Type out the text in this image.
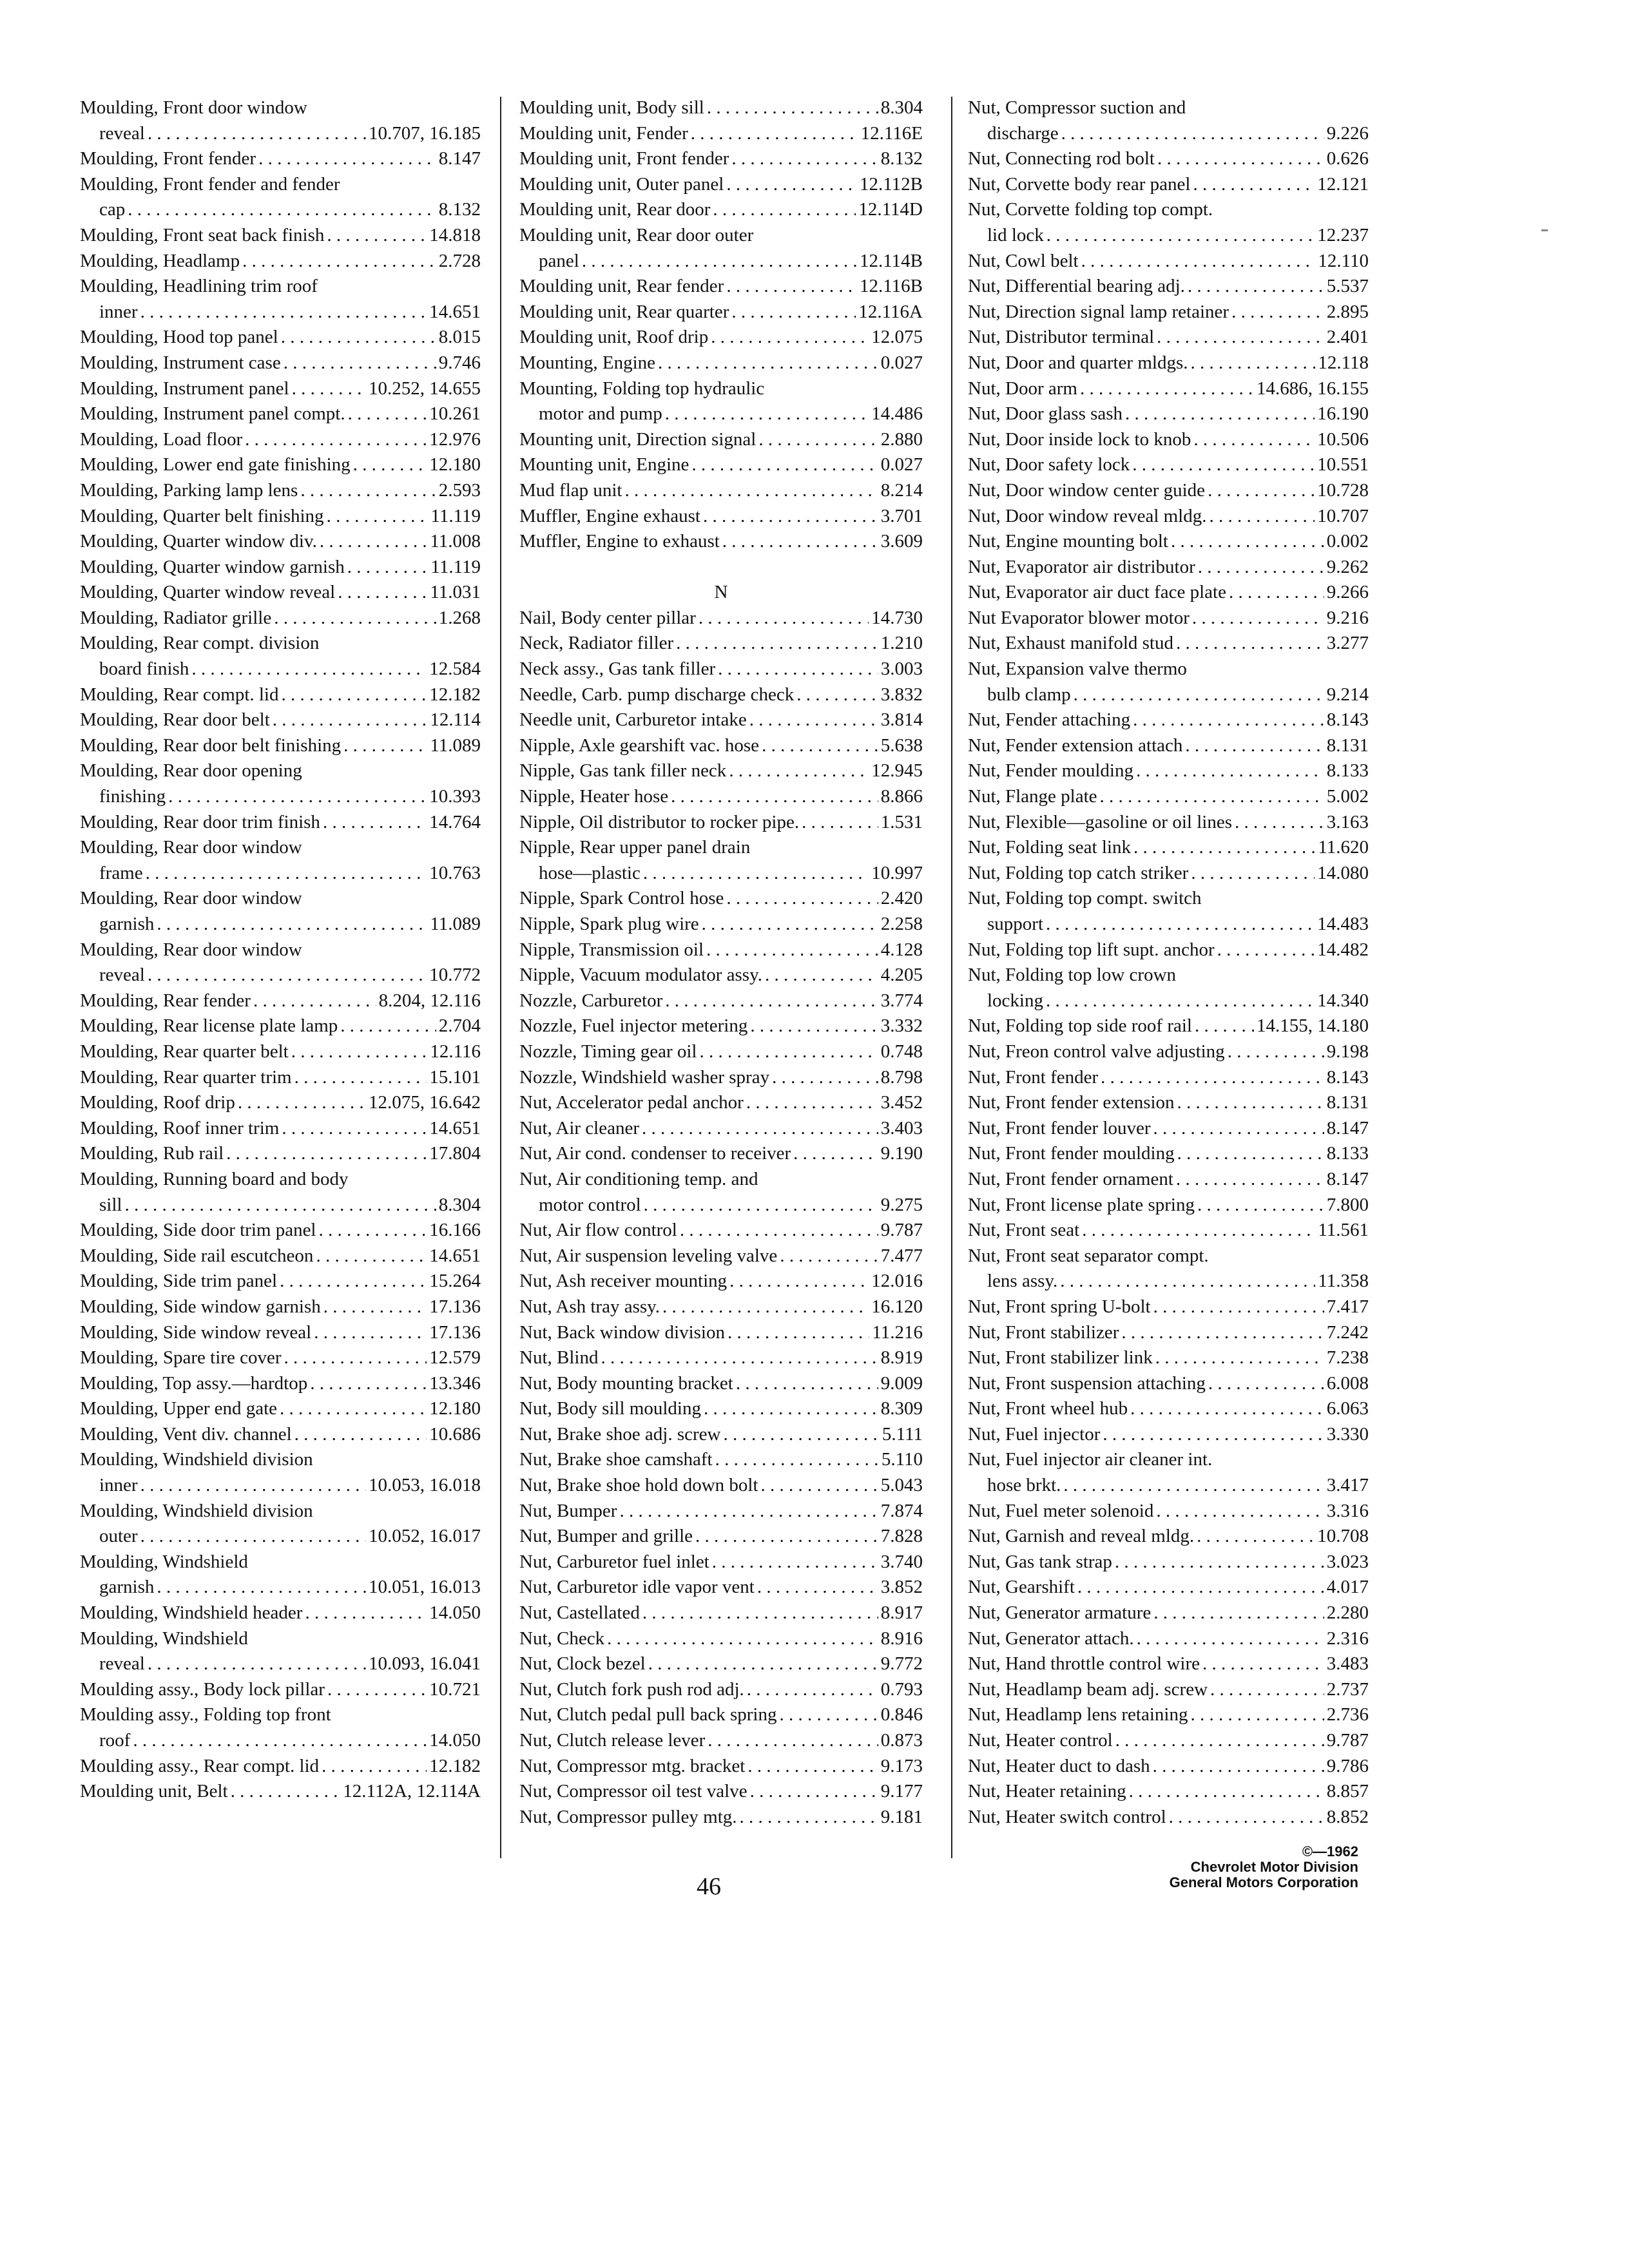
Moulding, Front door window
reveal . . .	10.707, 16.185
Moulding, Front fender . . .	8.147
Moulding, Front fender and fender
cap . . .	8.132
Moulding, Front seat back finish . . .	14.818
Moulding, Headlamp . . .	2.728
Moulding, Headlining trim roof
inner . . .	14.651
Moulding, Hood top panel . . .	8.015
Moulding, Instrument case . . .	9.746
Moulding, Instrument panel . . .	10.252, 14.655
Moulding, Instrument panel compt. . . .	10.261
Moulding, Load floor . . .	12.976
Moulding, Lower end gate finishing . . .	12.180
Moulding, Parking lamp lens . . .	2.593
Moulding, Quarter belt finishing . . .	11.119
Moulding, Quarter window div. . . .	11.008
Moulding, Quarter window garnish . . .	11.119
Moulding, Quarter window reveal . . .	11.031
Moulding, Radiator grille . . .	1.268
Moulding, Rear compt. division
board finish . . .	12.584
Moulding, Rear compt. lid . . .	12.182
Moulding, Rear door belt . . .	12.114
Moulding, Rear door belt finishing . . .	11.089
Moulding, Rear door opening
finishing . . .	10.393
Moulding, Rear door trim finish . . .	14.764
Moulding, Rear door window
frame . . .	10.763
Moulding, Rear door window
garnish . . .	11.089
Moulding, Rear door window
reveal . . .	10.772
Moulding, Rear fender . . .	8.204, 12.116
Moulding, Rear license plate lamp . . .	2.704
Moulding, Rear quarter belt . . .	12.116
Moulding, Rear quarter trim . . .	15.101
Moulding, Roof drip . . .	12.075, 16.642
Moulding, Roof inner trim . . .	14.651
Moulding, Rub rail . . .	17.804
Moulding, Running board and body
sill . . .	8.304
Moulding, Side door trim panel . . .	16.166
Moulding, Side rail escutcheon . . .	14.651
Moulding, Side trim panel . . .	15.264
Moulding, Side window garnish . . .	17.136
Moulding, Side window reveal . . .	17.136
Moulding, Spare tire cover . . .	12.579
Moulding, Top assy.—hardtop . . .	13.346
Moulding, Upper end gate . . .	12.180
Moulding, Vent div. channel . . .	10.686
Moulding, Windshield division
inner . . .	10.053, 16.018
Moulding, Windshield division
outer . . .	10.052, 16.017
Moulding, Windshield
garnish . . .	10.051, 16.013
Moulding, Windshield header . . .	14.050
Moulding, Windshield
reveal . . .	10.093, 16.041
Moulding assy., Body lock pillar . . .	10.721
Moulding assy., Folding top front
roof . . .	14.050
Moulding assy., Rear compt. lid . . .	12.182
Moulding unit, Belt . . .	12.112A, 12.114A
Moulding unit, Body sill . . .	8.304
Moulding unit, Fender . . .	12.116E
Moulding unit, Front fender . . .	8.132
Moulding unit, Outer panel . . .	12.112B
Moulding unit, Rear door . . .	12.114D
Moulding unit, Rear door outer
panel . . .	12.114B
Moulding unit, Rear fender . . .	12.116B
Moulding unit, Rear quarter . . .	12.116A
Moulding unit, Roof drip . . .	12.075
Mounting, Engine . . .	0.027
Mounting, Folding top hydraulic
motor and pump . . .	14.486
Mounting unit, Direction signal . . .	2.880
Mounting unit, Engine . . .	0.027
Mud flap unit . . .	8.214
Muffler, Engine exhaust . . .	3.701
Muffler, Engine to exhaust . . .	3.609
N
Nail, Body center pillar . . .	14.730
Neck, Radiator filler . . .	1.210
Neck assy., Gas tank filler . . .	3.003
Needle, Carb. pump discharge check . . .	3.832
Needle unit, Carburetor intake . . .	3.814
Nipple, Axle gearshift vac. hose . . .	5.638
Nipple, Gas tank filler neck . . .	12.945
Nipple, Heater hose . . .	8.866
Nipple, Oil distributor to rocker pipe. . . .	1.531
Nipple, Rear upper panel drain
hose—plastic . . .	10.997
Nipple, Spark Control hose . . .	2.420
Nipple, Spark plug wire . . .	2.258
Nipple, Transmission oil . . .	4.128
Nipple, Vacuum modulator assy. . . .	4.205
Nozzle, Carburetor . . .	3.774
Nozzle, Fuel injector metering . . .	3.332
Nozzle, Timing gear oil . . .	0.748
Nozzle, Windshield washer spray . . .	8.798
Nut, Accelerator pedal anchor . . .	3.452
Nut, Air cleaner . . .	3.403
Nut, Air cond. condenser to receiver . . .	9.190
Nut, Air conditioning temp. and
motor control . . .	9.275
Nut, Air flow control . . .	9.787
Nut, Air suspension leveling valve . . .	7.477
Nut, Ash receiver mounting . . .	12.016
Nut, Ash tray assy. . . .	16.120
Nut, Back window division . . .	11.216
Nut, Blind . . .	8.919
Nut, Body mounting bracket . . .	9.009
Nut, Body sill moulding . . .	8.309
Nut, Brake shoe adj. screw . . .	5.111
Nut, Brake shoe camshaft . . .	5.110
Nut, Brake shoe hold down bolt . . .	5.043
Nut, Bumper . . .	7.874
Nut, Bumper and grille . . .	7.828
Nut, Carburetor fuel inlet . . .	3.740
Nut, Carburetor idle vapor vent . . .	3.852
Nut, Castellated . . .	8.917
Nut, Check . . .	8.916
Nut, Clock bezel . . .	9.772
Nut, Clutch fork push rod adj. . . .	0.793
Nut, Clutch pedal pull back spring . . .	0.846
Nut, Clutch release lever . . .	0.873
Nut, Compressor mtg. bracket . . .	9.173
Nut, Compressor oil test valve . . .	9.177
Nut, Compressor pulley mtg. . . .	9.181
Nut, Compressor suction and
discharge . . .	9.226
Nut, Connecting rod bolt . . .	0.626
Nut, Corvette body rear panel . . .	12.121
Nut, Corvette folding top compt.
lid lock . . .	12.237
Nut, Cowl belt . . .	12.110
Nut, Differential bearing adj. . . .	5.537
Nut, Direction signal lamp retainer . . .	2.895
Nut, Distributor terminal . . .	2.401
Nut, Door and quarter mldgs. . . .	12.118
Nut, Door arm . . .	14.686, 16.155
Nut, Door glass sash . . .	16.190
Nut, Door inside lock to knob . . .	10.506
Nut, Door safety lock . . .	10.551
Nut, Door window center guide . . .	10.728
Nut, Door window reveal mldg. . . .	10.707
Nut, Engine mounting bolt . . .	0.002
Nut, Evaporator air distributor . . .	9.262
Nut, Evaporator air duct face plate . . .	9.266
Nut Evaporator blower motor . . .	9.216
Nut, Exhaust manifold stud . . .	3.277
Nut, Expansion valve thermo
bulb clamp . . .	9.214
Nut, Fender attaching . . .	8.143
Nut, Fender extension attach . . .	8.131
Nut, Fender moulding . . .	8.133
Nut, Flange plate . . .	5.002
Nut, Flexible—gasoline or oil lines . . .	3.163
Nut, Folding seat link . . .	11.620
Nut, Folding top catch striker . . .	14.080
Nut, Folding top compt. switch
support . . .	14.483
Nut, Folding top lift supt. anchor . . .	14.482
Nut, Folding top low crown
locking . . .	14.340
Nut, Folding top side roof rail . . .	14.155, 14.180
Nut, Freon control valve adjusting . . .	9.198
Nut, Front fender . . .	8.143
Nut, Front fender extension . . .	8.131
Nut, Front fender louver . . .	8.147
Nut, Front fender moulding . . .	8.133
Nut, Front fender ornament . . .	8.147
Nut, Front license plate spring . . .	7.800
Nut, Front seat . . .	11.561
Nut, Front seat separator compt.
lens assy. . . .	11.358
Nut, Front spring U-bolt . . .	7.417
Nut, Front stabilizer . . .	7.242
Nut, Front stabilizer link . . .	7.238
Nut, Front suspension attaching . . .	6.008
Nut, Front wheel hub . . .	6.063
Nut, Fuel injector . . .	3.330
Nut, Fuel injector air cleaner int.
hose brkt. . . .	3.417
Nut, Fuel meter solenoid . . .	3.316
Nut, Garnish and reveal mldg. . . .	10.708
Nut, Gas tank strap . . .	3.023
Nut, Gearshift . . .	4.017
Nut, Generator armature . . .	2.280
Nut, Generator attach. . . .	2.316
Nut, Hand throttle control wire . . .	3.483
Nut, Headlamp beam adj. screw . . .	2.737
Nut, Headlamp lens retaining . . .	2.736
Nut, Heater control . . .	9.787
Nut, Heater duct to dash . . .	9.786
Nut, Heater retaining . . .	8.857
Nut, Heater switch control . . .	8.852
46
©—1962
Chevrolet Motor Division
General Motors Corporation
